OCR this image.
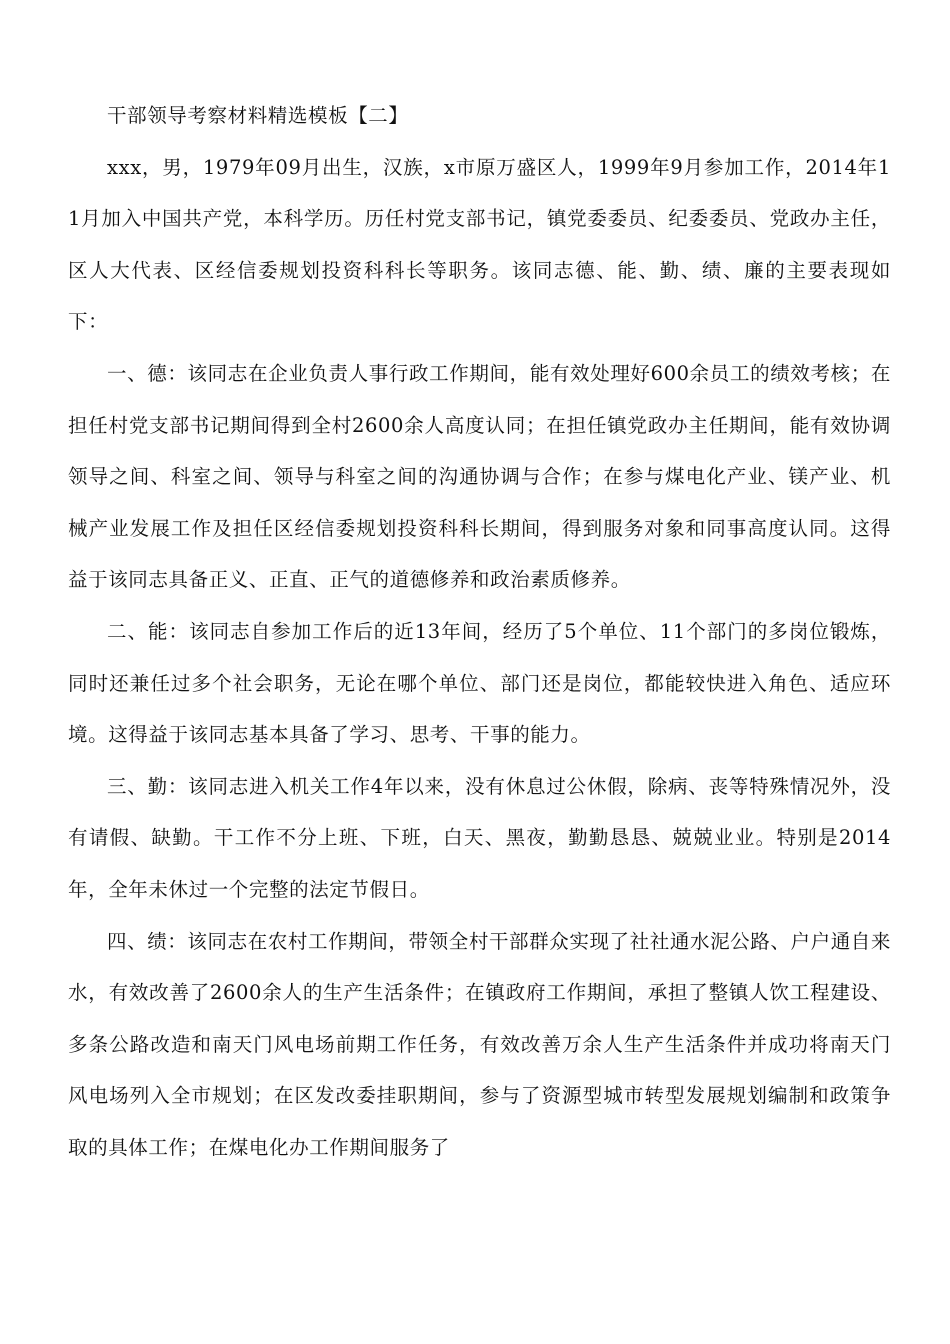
干部领导考察材料精选模板【二】

xxx，男，1979年09月出生，汉族，x市原万盛区人，1999年9月参加工作，2014年11月加入中国共产党，本科学历。历任村党支部书记，镇党委委员、纪委委员、党政办主任，区人大代表、区经信委规划投资科科长等职务。该同志德、能、勤、绩、廉的主要表现如下：

一、德：该同志在企业负责人事行政工作期间，能有效处理好600余员工的绩效考核；在担任村党支部书记期间得到全村2600余人高度认同；在担任镇党政办主任期间，能有效协调领导之间、科室之间、领导与科室之间的沟通协调与合作；在参与煤电化产业、镁产业、机械产业发展工作及担任区经信委规划投资科科长期间，得到服务对象和同事高度认同。这得益于该同志具备正义、正直、正气的道德修养和政治素质修养。

二、能：该同志自参加工作后的近13年间，经历了5个单位、11个部门的多岗位锻炼，同时还兼任过多个社会职务，无论在哪个单位、部门还是岗位，都能较快进入角色、适应环境。这得益于该同志基本具备了学习、思考、干事的能力。

三、勤：该同志进入机关工作4年以来，没有休息过公休假，除病、丧等特殊情况外，没有请假、缺勤。干工作不分上班、下班，白天、黑夜，勤勤恳恳、兢兢业业。特别是2014年，全年未休过一个完整的法定节假日。

四、绩：该同志在农村工作期间，带领全村干部群众实现了社社通水泥公路、户户通自来水，有效改善了2600余人的生产生活条件；在镇政府工作期间，承担了整镇人饮工程建设、多条公路改造和南天门风电场前期工作任务，有效改善万余人生产生活条件并成功将南天门风电场列入全市规划；在区发改委挂职期间，参与了资源型城市转型发展规划编制和政策争取的具体工作；在煤电化办工作期间服务了
